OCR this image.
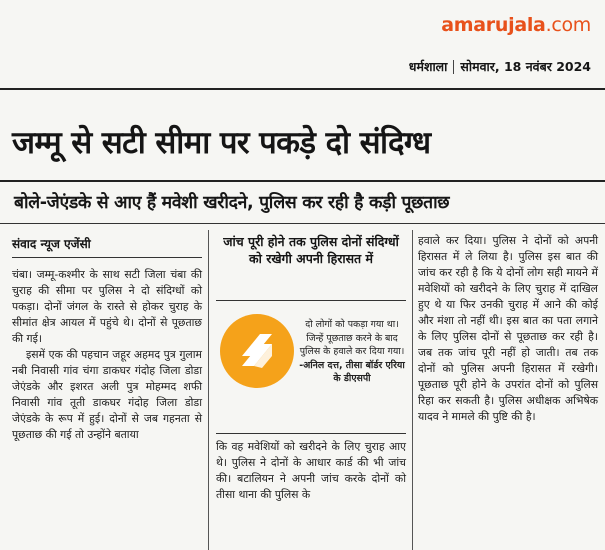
amarujala.com
धर्मशाला सोमवार, 18 नवंबर 2024
जम्मू से सटी सीमा पर पकड़े दो संदिग्ध
बोले-जेएंडके से आए हैं मवेशी खरीदने, पुलिस कर रही है कड़ी पूछताछ
संवाद न्यूज एजेंसी

चंबा। जम्मू-कश्मीर के साथ सटी जिला चंबा की चुराह की सीमा पर पुलिस ने दो संदिग्धों को पकड़ा। दोनों जंगल के रास्ते से होकर चुराह के सीमांत क्षेत्र आयल में पहुंचे थे। दोनों से पूछताछ की गई।

इसमें एक की पहचान जहूर अहमद पुत्र गुलाम नबी निवासी गांव चंगा डाकघर गंदोह जिला डोडा जेएंडके और इशरत अली पुत्र मोहम्मद शफी निवासी गांव तूती डाकघर गंदोह जिला डोडा जेएंडके के रूप में हुई। दोनों से जब गहनता से पूछताछ की गई तो उन्होंने बताया

जांच पूरी होने तक पुलिस दोनों संदिग्धों को रखेगी अपनी हिरासत में
दो लोगों को पकड़ा गया था। जिन्हें पूछताछ करने के बाद पुलिस के हवाले कर दिया गया। -अनिल दत्त, तीसा बॉर्डर एरिया के डीएसपी

कि वह मवेशियों को खरीदने के लिए चुराह आए थे। पुलिस ने दोनों के आधार कार्ड की भी जांच की। बटालियन ने अपनी जांच करके दोनों को तीसा थाना की पुलिस के

हवाले कर दिया। पुलिस ने दोनों को अपनी हिरासत में ले लिया है। पुलिस इस बात की जांच कर रही है कि ये दोनों लोग सही मायने में मवेशियों को खरीदने के लिए चुराह में दाखिल हुए थे या फिर उनकी चुराह में आने की कोई और मंशा तो नहीं थी। इस बात का पता लगाने के लिए पुलिस दोनों से पूछताछ कर रही है। जब तक जांच पूरी नहीं हो जाती। तब तक दोनों को पुलिस अपनी हिरासत में रखेगी। पूछताछ पूरी होने के उपरांत दोनों को पुलिस रिहा कर सकती है। पुलिस अधीक्षक अभिषेक यादव ने मामले की पुष्टि की है।
